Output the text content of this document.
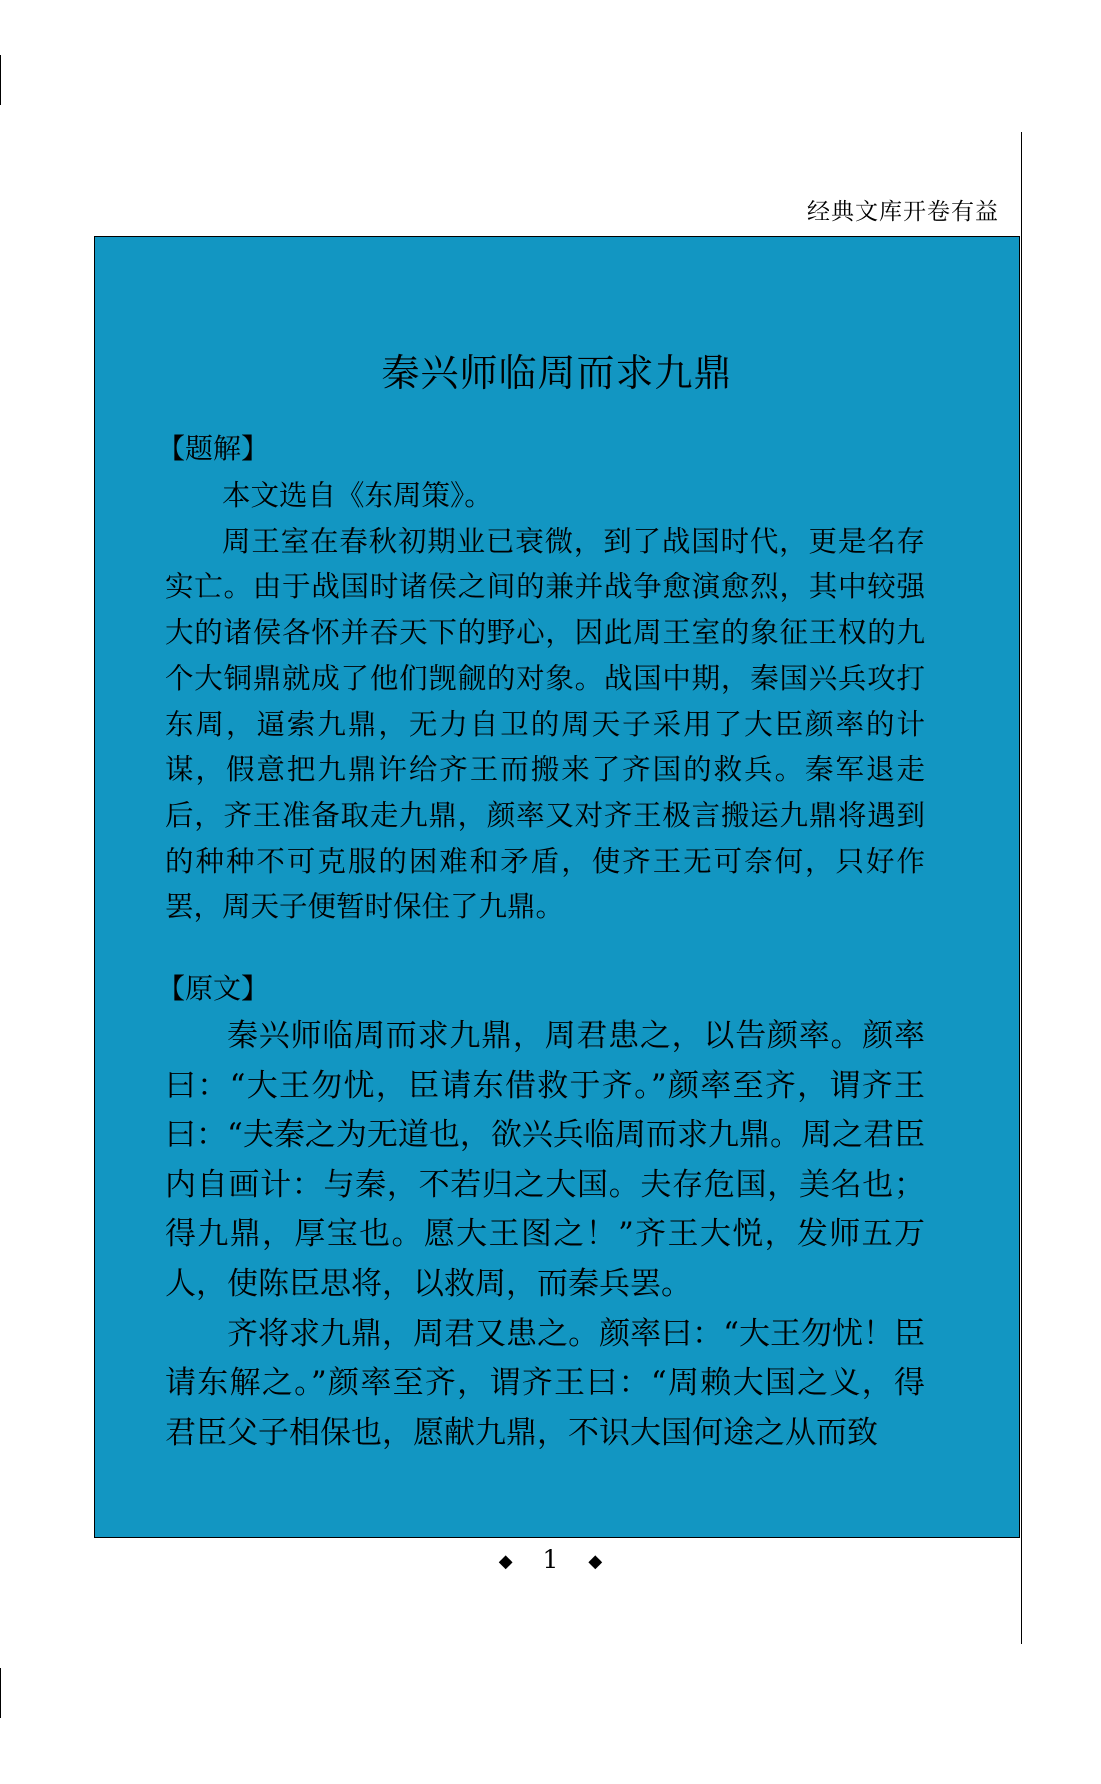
经典文库开卷有益
秦兴师临周而求九鼎
【题解】

本文选自《东周策》。

周王室在春秋初期业已衰微，到了战国时代，更是名存实亡。由于战国时诸侯之间的兼并战争愈演愈烈，其中较强大的诸侯各怀并吞天下的野心，因此周王室的象征王权的九个大铜鼎就成了他们觊觎的对象。战国中期，秦国兴兵攻打东周，逼索九鼎，无力自卫的周天子采用了大臣颜率的计谋，假意把九鼎许给齐王而搬来了齐国的救兵。秦军退走后，齐王准备取走九鼎，颜率又对齐王极言搬运九鼎将遇到的种种不可克服的困难和矛盾，使齐王无可奈何，只好作罢，周天子便暂时保住了九鼎。

【原文】

秦兴师临周而求九鼎，周君患之，以告颜率。颜率曰：“大王勿忧，臣请东借救于齐。”颜率至齐，谓齐王曰：“夫秦之为无道也，欲兴兵临周而求九鼎。周之君臣内自画计：与秦，不若归之大国。夫存危国，美名也；得九鼎，厚宝也。愿大王图之！”齐王大悦，发师五万人，使陈臣思将，以救周，而秦兵罢。

齐将求九鼎，周君又患之。颜率曰：“大王勿忧！臣请东解之。”颜率至齐，谓齐王曰：“周赖大国之义，得君臣父子相保也，愿献九鼎，不识大国何途之从而致

◆ 1 ◆
